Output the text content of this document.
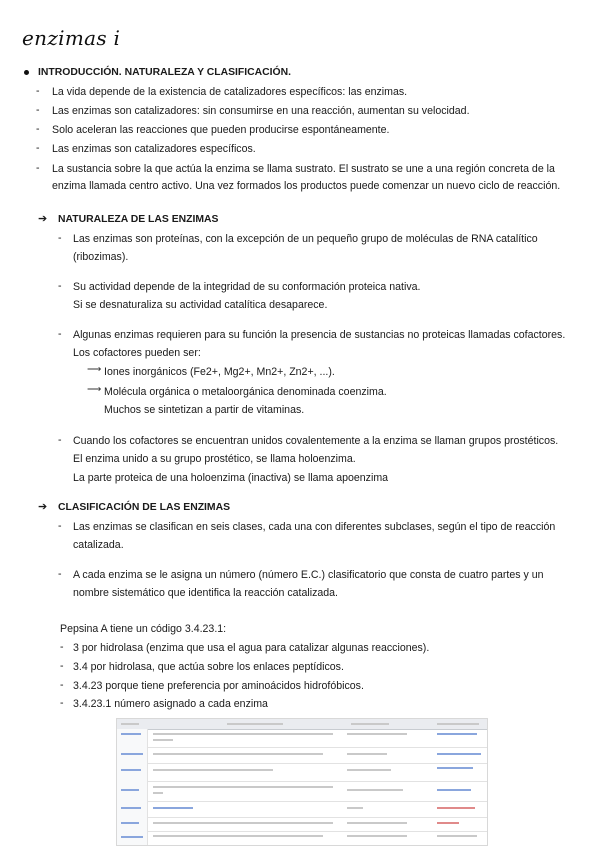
enzimas i
INTRODUCCIÓN. NATURALEZA Y CLASIFICACIÓN.
- La vida depende de la existencia de catalizadores específicos: las enzimas.
- Las enzimas son catalizadores: sin consumirse en una reacción, aumentan su velocidad.
- Solo aceleran las reacciones que pueden producirse espontáneamente.
- Las enzimas son catalizadores específicos.
- La sustancia sobre la que actúa la enzima se llama sustrato. El sustrato se une a una región concreta de la
enzima llamada centro activo. Una vez formados los productos puede comenzar un nuevo ciclo de reacción.
➔ NATURALEZA DE LAS ENZIMAS
- Las enzimas son proteínas, con la excepción de un pequeño grupo de moléculas de RNA catalítico
(ribozimas).
- Su actividad depende de la integridad de su conformación proteica nativa.
Si se desnaturaliza su actividad catalítica desaparece.
- Algunas enzimas requieren para su función la presencia de sustancias no proteicas llamadas cofactores.
Los cofactores pueden ser:
⟶ Iones inorgánicos (Fe2+, Mg2+, Mn2+, Zn2+, ...).
⟶ Molécula orgánica o metaloorgánica denominada coenzima.
Muchos se sintetizan a partir de vitaminas.
- Cuando los cofactores se encuentran unidos covalentemente a la enzima se llaman grupos prostéticos.
El enzima unido a su grupo prostético, se llama holoenzima.
La parte proteica de una holoenzima (inactiva) se llama apoenzima
➔ CLASIFICACIÓN DE LAS ENZIMAS
- Las enzimas se clasifican en seis clases, cada una con diferentes subclases, según el tipo de reacción
catalizada.
- A cada enzima se le asigna un número (número E.C.) clasificatorio que consta de cuatro partes y un
nombre sistemático que identifica la reacción catalizada.
Pepsina A tiene un código 3.4.23.1:
- 3 por hidrolasa (enzima que usa el agua para catalizar algunas reacciones).
- 3.4 por hidrolasa, que actúa sobre los enlaces peptídicos.
- 3.4.23 porque tiene preferencia por aminoácidos hidrofóbicos.
- 3.4.23.1 número asignado a cada enzima
